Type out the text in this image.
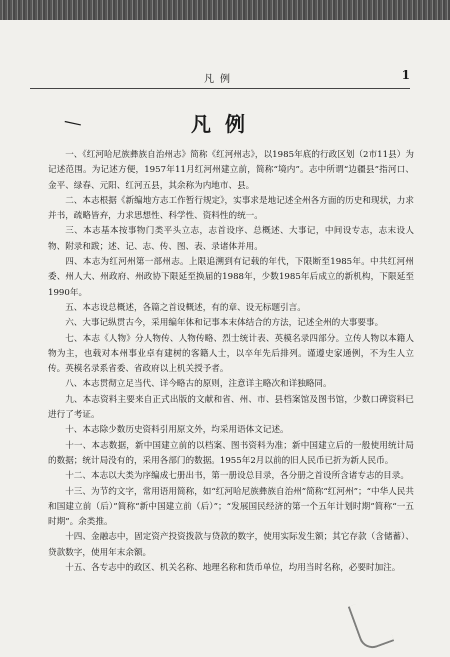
凡例	1
—	凡例

一、《红河哈尼族彝族自治州志》简称《红河州志》，以1985年底的行政区划（2市11县）为记述范围。为记述方便，1957年11月红河州建立前，简称“境内”。志中所谓“边疆县”指河口、金平、绿春、元阳、红河五县，其余称为内地市、县。

二、本志根据《新编地方志工作暂行规定》，实事求是地记述全州各方面的历史和现状，力求并书，疏略皆弃，力求思想性、科学性、资料性的统一。

三、本志基本按事物门类平头立志，志首设序、总概述、大事记，中间设专志，志末设人物、附录和跋；述、记、志、传、图、表、录诸体并用。

四、本志为红河州第一部州志。上限追溯到有记载的年代，下限断至1985年。中共红河州委、州人大、州政府、州政协下限延至换届的1988年，少数1985年后成立的新机构，下限延至1990年。

五、本志设总概述，各篇之首设概述，有的章、设无标题引言。

六、大事记纵贯古今，采用编年体和记事本末体结合的方法，记述全州的大事要事。

七、本志《人物》分人物传、人物传略、烈士统计表、英模名录四部分。立传人物以本籍人物为主，也载对本州事业卓有建树的客籍人士，以卒年先后排列。谨遵史家通例，不为生人立传。英模名录系省委、省政府以上机关授予者。

八、本志贯彻立足当代、详今略古的原则，注意详主略次和详独略同。

九、本志资料主要来自正式出版的文献和省、州、市、县档案馆及图书馆，少数口碑资料已进行了考证。

十、本志除少数历史资料引用原文外，均采用语体文记述。

十一、本志数据，新中国建立前的以档案、图书资料为准；新中国建立后的一般使用统计局的数据；统计局没有的，采用各部门的数据。1955年2月以前的旧人民币已折为新人民币。

十二、本志以大类为序编成七册出书，第一册设总目录，各分册之首设所含诸专志的目录。

十三、为节约文字，常用语用简称，如“红河哈尼族彝族自治州”简称“红河州”；“中华人民共和国建立前（后）”简称“新中国建立前（后）”；“发展国民经济的第一个五年计划时期”简称“一五时期”。余类推。

十四、金融志中，固定资产投资拨款与贷款的数字，使用实际发生额；其它存款（含储蓄）、贷款数字，使用年末余额。

十五、各专志中的政区、机关名称、地理名称和货币单位，均用当时名称，必要时加注。
